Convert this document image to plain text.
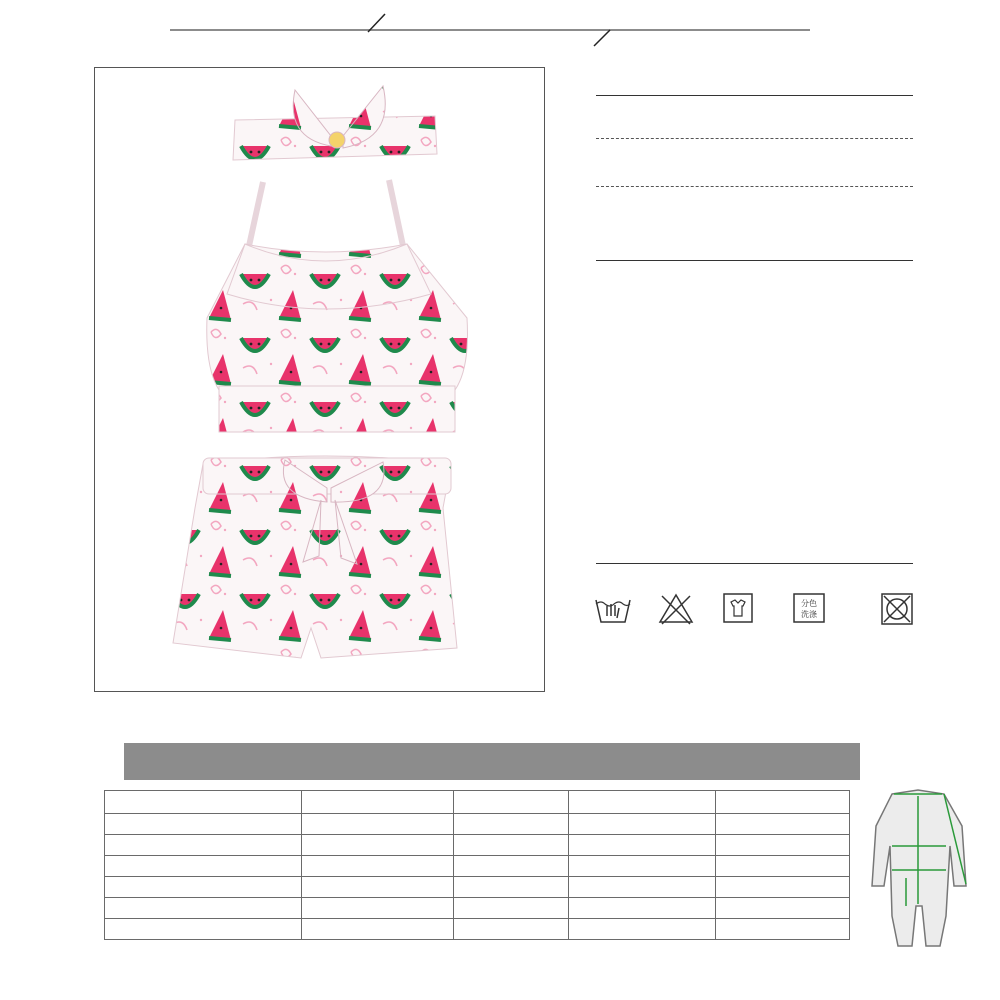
分色
洗涤
